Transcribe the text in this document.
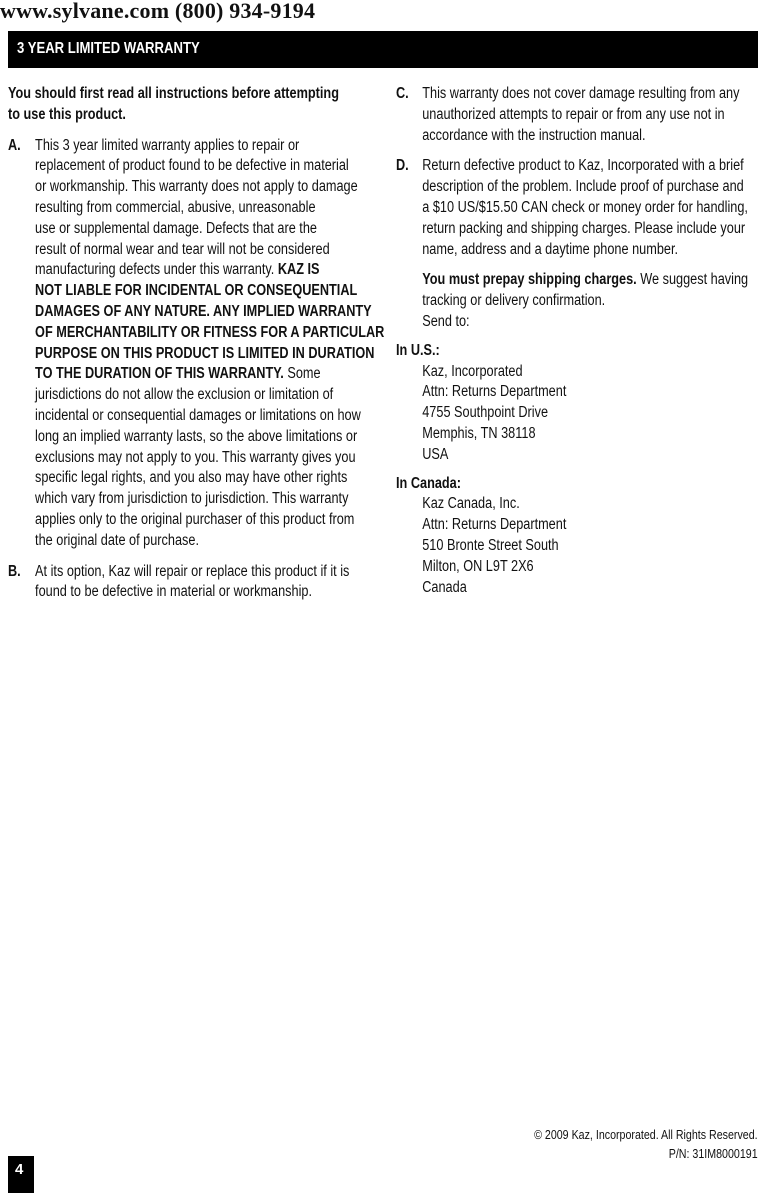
www.sylvane.com (800) 934-9194
3 YEAR LIMITED WARRANTY
You should first read all instructions before attempting
to use this product.
A. This 3 year limited warranty applies to repair or
replacement of product found to be defective in material
or workmanship. This warranty does not apply to damage
resulting from commercial, abusive, unreasonable
use or supplemental damage. Defects that are the
result of normal wear and tear will not be considered
manufacturing defects under this warranty. KAZ IS
NOT LIABLE FOR INCIDENTAL OR CONSEQUENTIAL
DAMAGES OF ANY NATURE. ANY IMPLIED WARRANTY
OF MERCHANTABILITY OR FITNESS FOR A PARTICULAR
PURPOSE ON THIS PRODUCT IS LIMITED IN DURATION
TO THE DURATION OF THIS WARRANTY. Some
jurisdictions do not allow the exclusion or limitation of
incidental or consequential damages or limitations on how
long an implied warranty lasts, so the above limitations or
exclusions may not apply to you. This warranty gives you
specific legal rights, and you also may have other rights
which vary from jurisdiction to jurisdiction. This warranty
applies only to the original purchaser of this product from
the original date of purchase.
B. At its option, Kaz will repair or replace this product if it is
found to be defective in material or workmanship.
C. This warranty does not cover damage resulting from any
unauthorized attempts to repair or from any use not in
accordance with the instruction manual.
D. Return defective product to Kaz, Incorporated with a brief
description of the problem. Include proof of purchase and
a $10 US/$15.50 CAN check or money order for handling,
return packing and shipping charges. Please include your
name, address and a daytime phone number.
You must prepay shipping charges. We suggest having
tracking or delivery confirmation.
Send to:
In U.S.:
Kaz, Incorporated
Attn: Returns Department
4755 Southpoint Drive
Memphis, TN 38118
USA
In Canada:
Kaz Canada, Inc.
Attn: Returns Department
510 Bronte Street South
Milton, ON L9T 2X6
Canada
© 2009 Kaz, Incorporated. All Rights Reserved.
P/N: 31IM8000191
4
